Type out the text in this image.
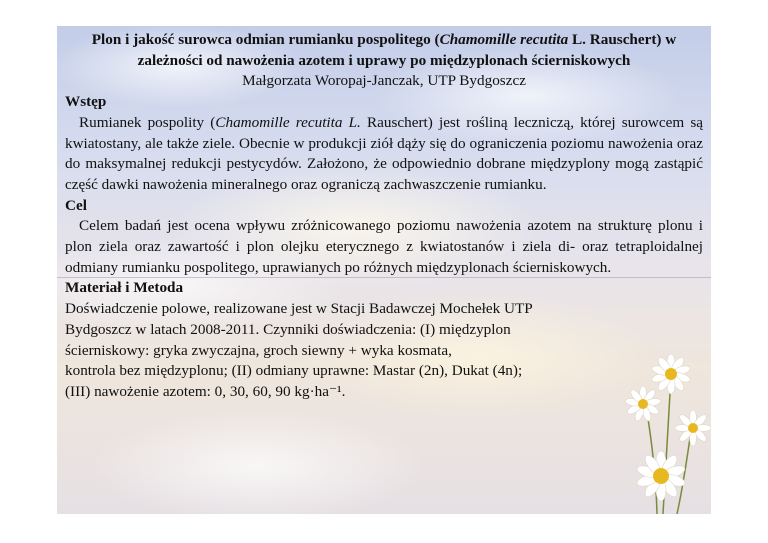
Plon i jakość surowca odmian rumianku pospolitego (Chamomille recutita L. Rauschert) w zależności od nawożenia azotem i uprawy po międzyplonach ścierniskowych
Małgorzata Woropaj-Janczak, UTP Bydgoszcz
Wstęp
Rumianek pospolity (Chamomille recutita L. Rauschert) jest rośliną leczniczą, której surowcem są kwiatostany, ale także ziele. Obecnie w produkcji ziół dąży się do ograniczenia poziomu nawożenia oraz do maksymalnej redukcji pestycydów. Założono, że odpowiednio dobrane międzyplony mogą zastąpić część dawki nawożenia mineralnego oraz ograniczą zachwaszczenie rumianku.
Cel
Celem badań jest ocena wpływu zróżnicowanego poziomu nawożenia azotem na strukturę plonu i plon ziela oraz zawartość i plon olejku eterycznego z kwiatostanów i ziela di- oraz tetraploidalnej odmiany rumianku pospolitego, uprawianych po różnych międzyplonach ścierniskowych.
Materiał i Metoda
Doświadczenie polowe, realizowane jest w Stacji Badawczej Mochełek UTP
Bydgoszcz w latach 2008-2011. Czynniki doświadczenia: (I) międzyplon
ścierniskowy: gryka zwyczajna, groch siewny + wyka kosmata,
kontrola bez międzyplonu; (II) odmiany uprawne: Mastar (2n), Dukat (4n);
(III) nawożenie azotem: 0, 30, 60, 90 kg·ha⁻¹.
